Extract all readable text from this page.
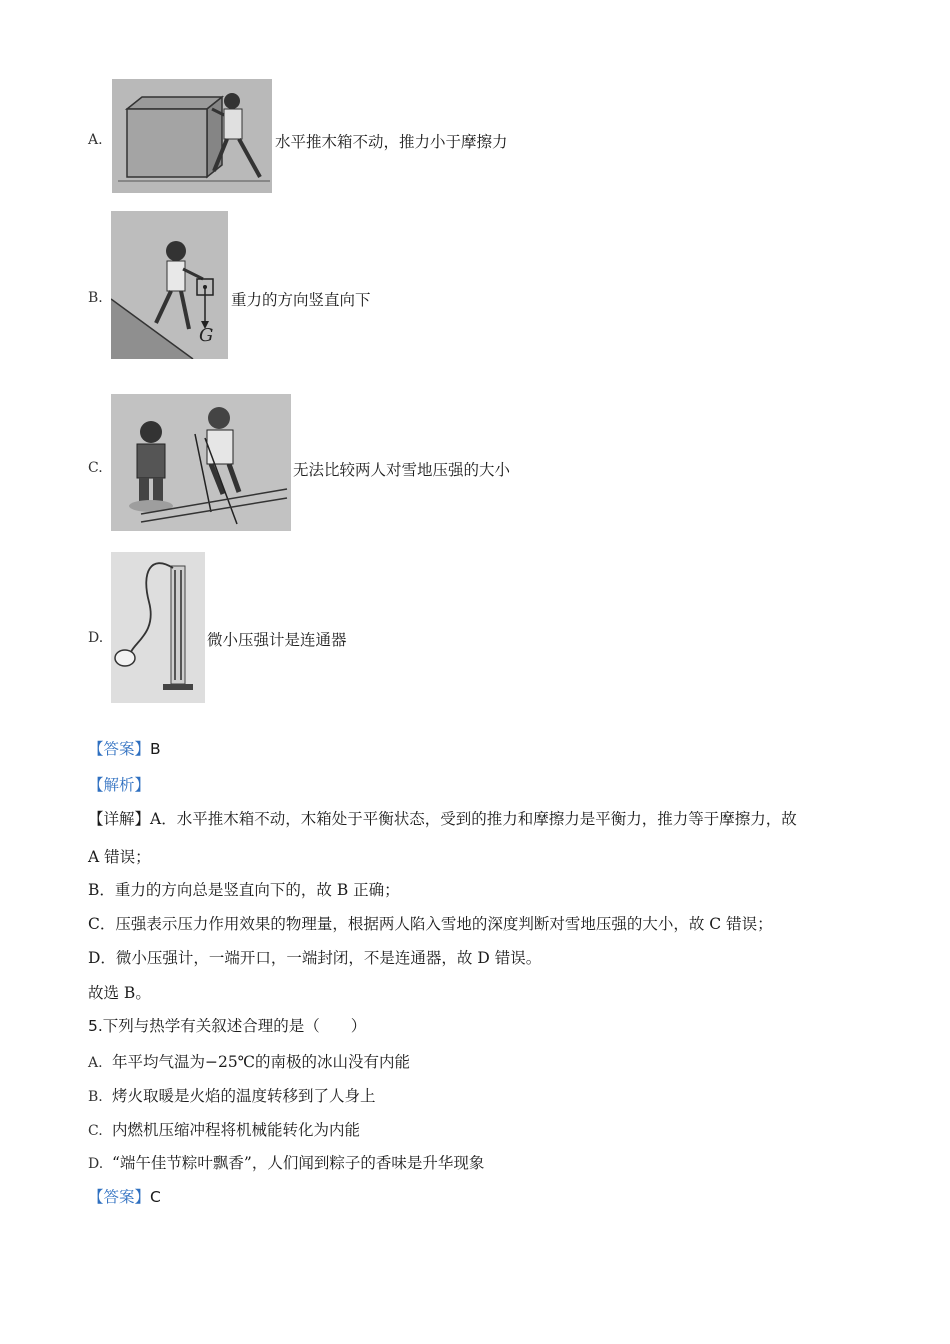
A.	水平推木箱不动，推力小于摩擦力
B.
G
重力的方向竖直向下
C.	无法比较两人对雪地压强的大小
D.	微小压强计是连通器
【答案】B
【解析】
【详解】A．水平推木箱不动，木箱处于平衡状态，受到的推力和摩擦力是平衡力，推力等于摩擦力，故
A 错误；
B．重力的方向总是竖直向下的，故 B 正确；
C．压强表示压力作用效果的物理量，根据两人陷入雪地的深度判断对雪地压强的大小，故 C 错误；
D．微小压强计，一端开口，一端封闭，不是连通器，故 D 错误。
故选 B。
5.下列与热学有关叙述合理的是（　　）
A. 年平均气温为−25℃的南极的冰山没有内能
B. 烤火取暖是火焰的温度转移到了人身上
C. 内燃机压缩冲程将机械能转化为内能
D. “端午佳节粽叶飘香”，人们闻到粽子的香味是升华现象
【答案】C
